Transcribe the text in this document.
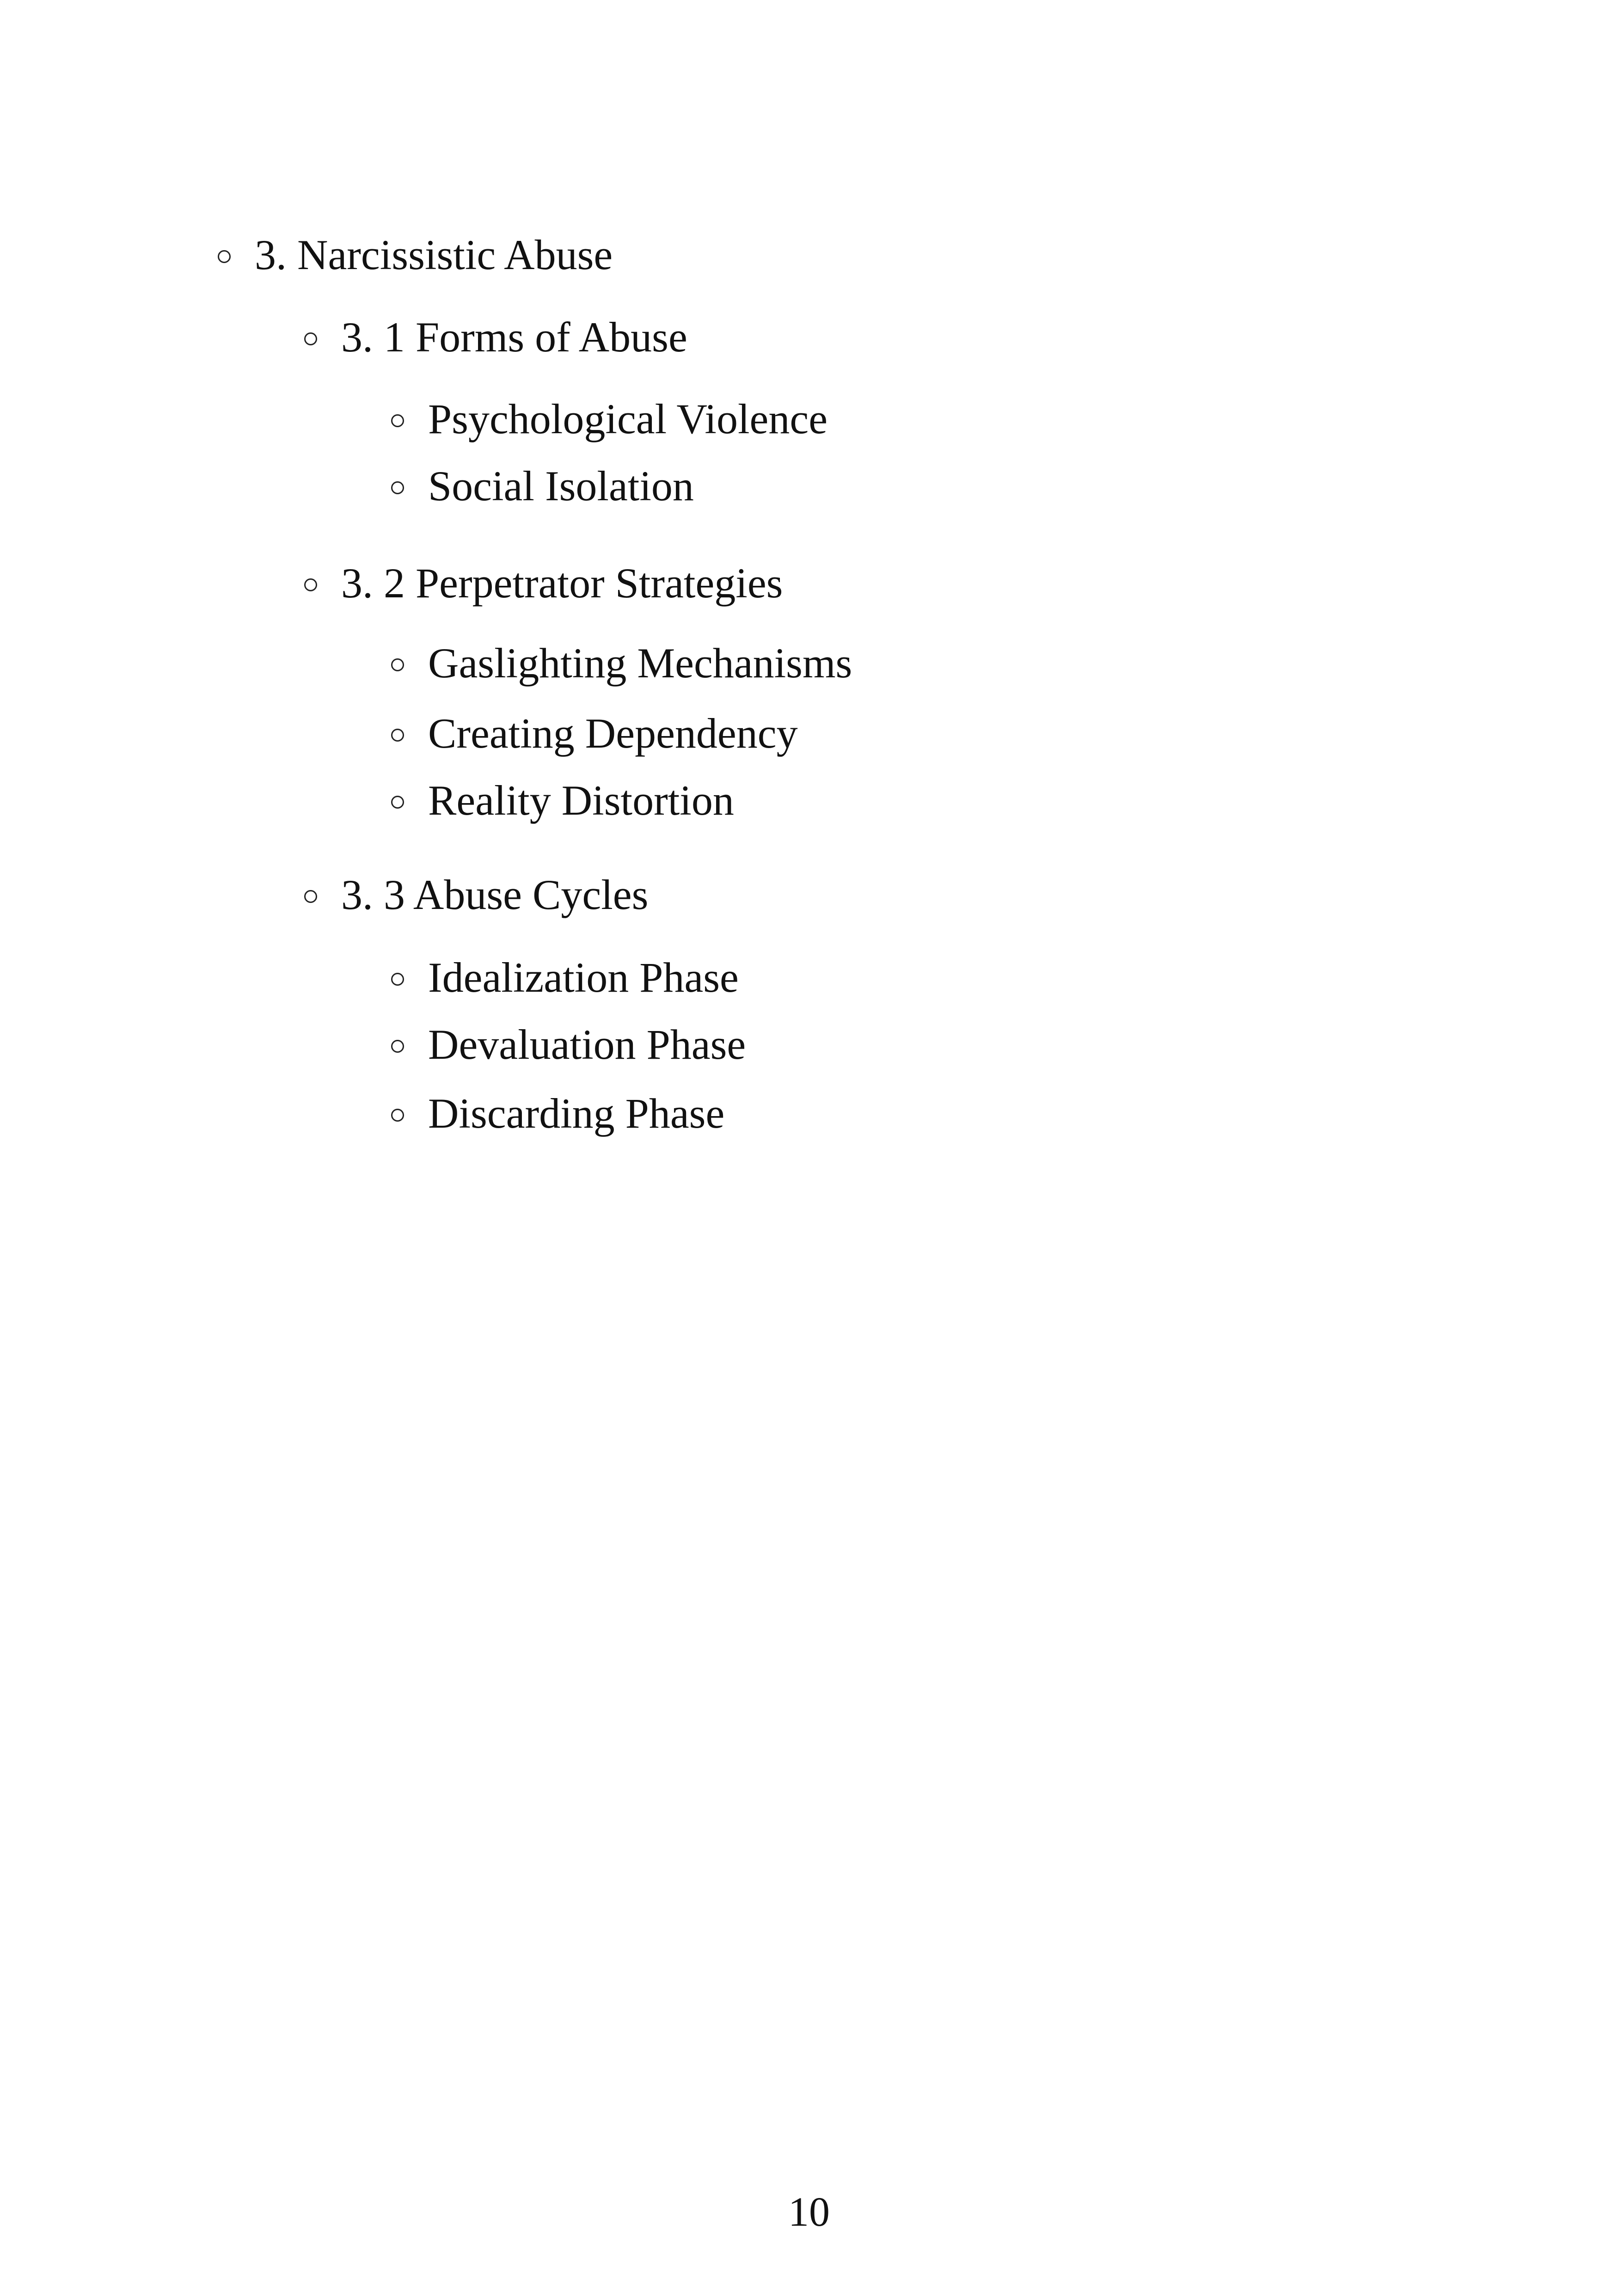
3. Narcissistic Abuse
3. 1 Forms of Abuse
Psychological Violence
Social Isolation
3. 2 Perpetrator Strategies
Gaslighting Mechanisms
Creating Dependency
Reality Distortion
3. 3 Abuse Cycles
Idealization Phase
Devaluation Phase
Discarding Phase
10
